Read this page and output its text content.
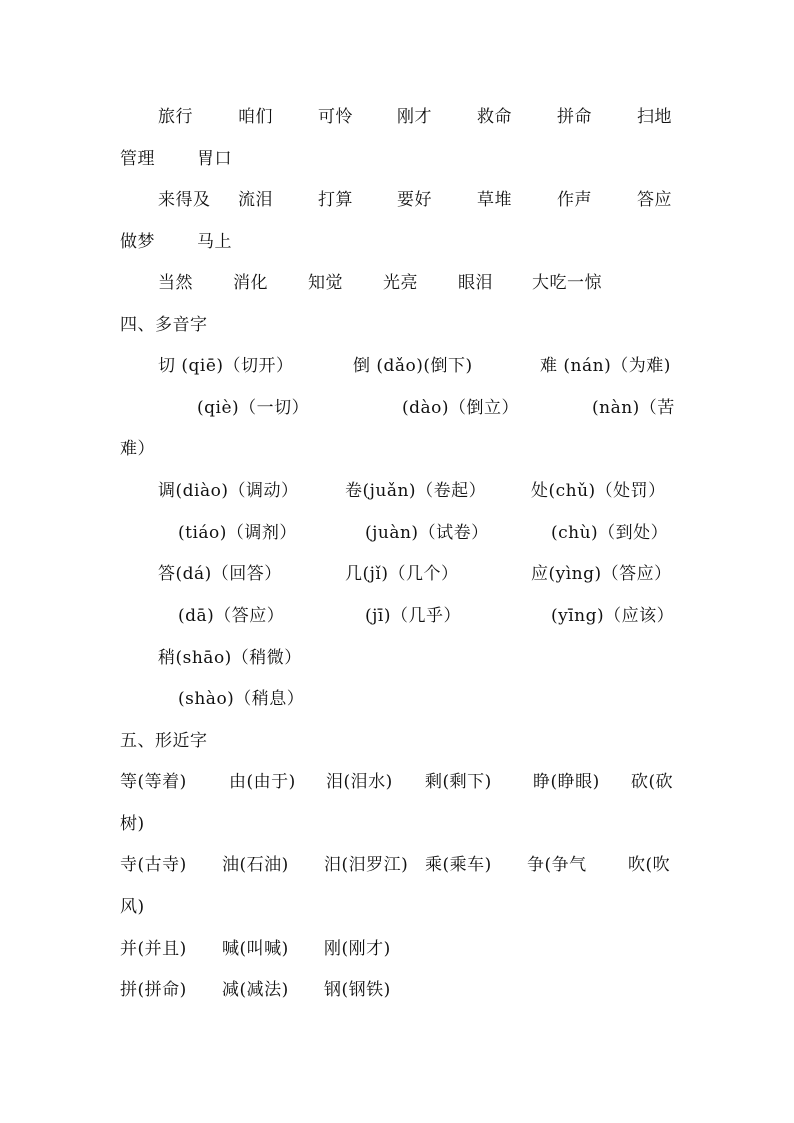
旅行	咱们	可怜	刚才	救命	拼命	扫地
管理 胃口
来得及 流泪	打算	要好	草堆	作声	答应
做梦 马上
当然 消化 知觉 光亮 眼泪 大吃一惊
四、多音字
切 (qiē)（切开）	倒 (dǎo)(倒下)	难 (nán)（为难)
(qiè)（一切）	(dào)（倒立）	(nàn)（苦
难）
调(diào)（调动）	卷(juǎn)（卷起）	处(chǔ)（处罚）
(tiáo)（调剂）	(juàn)（试卷）	(chù)（到处）
答(dá)（回答）	几(jǐ)（几个）	应(yìng)（答应）
(dā)（答应）	(jī)（几乎）	(yīng)（应该）
稍(shāo)（稍微）
(shào)（稍息）
五、形近字
等(等着) 由(由于) 泪(泪水) 剩(剩下) 睁(睁眼) 砍(砍
树)
寺(古寺) 油(石油) 汨(汨罗江) 乘(乘车) 争(争气 吹(吹
风)
并(并且) 喊(叫喊) 刚(刚才)
拼(拼命) 减(减法) 钢(钢铁)
